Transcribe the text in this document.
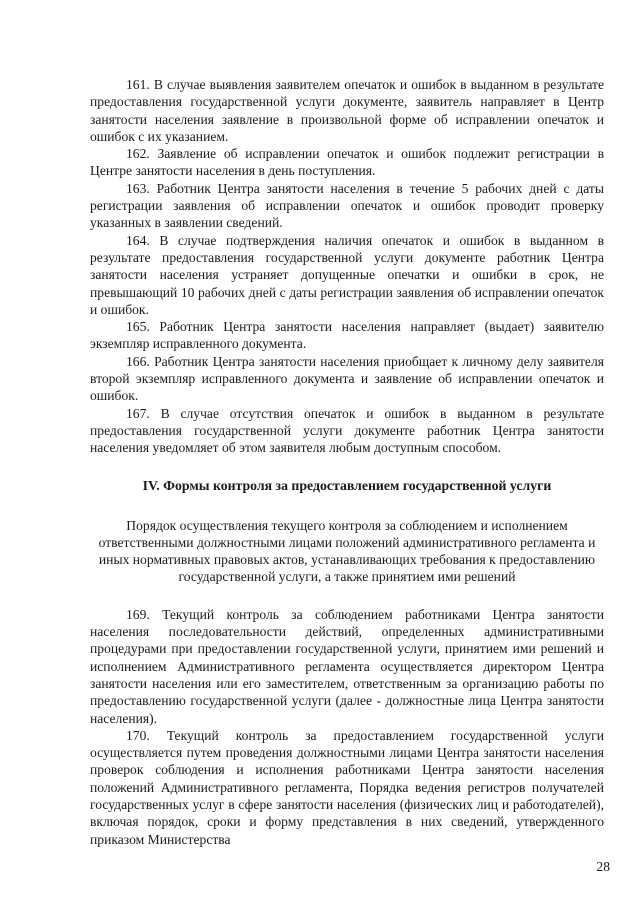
161. В случае выявления заявителем опечаток и ошибок в выданном в результате предоставления государственной услуги документе, заявитель направляет в Центр занятости населения заявление в произвольной форме об исправлении опечаток и ошибок с их указанием.

162. Заявление об исправлении опечаток и ошибок подлежит регистрации в Центре занятости населения в день поступления.

163. Работник Центра занятости населения в течение 5 рабочих дней с даты регистрации заявления об исправлении опечаток и ошибок проводит проверку указанных в заявлении сведений.

164. В случае подтверждения наличия опечаток и ошибок в выданном в результате предоставления государственной услуги документе работник Центра занятости населения устраняет допущенные опечатки и ошибки в срок, не превышающий 10 рабочих дней с даты регистрации заявления об исправлении опечаток и ошибок.

165. Работник Центра занятости населения направляет (выдает) заявителю экземпляр исправленного документа.

166. Работник Центра занятости населения приобщает к личному делу заявителя второй экземпляр исправленного документа и заявление об исправлении опечаток и ошибок.

167. В случае отсутствия опечаток и ошибок в выданном в результате предоставления государственной услуги документе работник Центра занятости населения уведомляет об этом заявителя любым доступным способом.

IV. Формы контроля за предоставлением государственной услуги

Порядок осуществления текущего контроля за соблюдением и исполнением ответственными должностными лицами положений административного регламента и иных нормативных правовых актов, устанавливающих требования к предоставлению государственной услуги, а также принятием ими решений

169. Текущий контроль за соблюдением работниками Центра занятости населения последовательности действий, определенных административными процедурами при предоставлении государственной услуги, принятием ими решений и исполнением Административного регламента осуществляется директором Центра занятости населения или его заместителем, ответственным за организацию работы по предоставлению государственной услуги (далее - должностные лица Центра занятости населения).

170. Текущий контроль за предоставлением государственной услуги осуществляется путем проведения должностными лицами Центра занятости населения проверок соблюдения и исполнения работниками Центра занятости населения положений Административного регламента, Порядка ведения регистров получателей государственных услуг в сфере занятости населения (физических лиц и работодателей), включая порядок, сроки и форму представления в них сведений, утвержденного приказом Министерства

28
